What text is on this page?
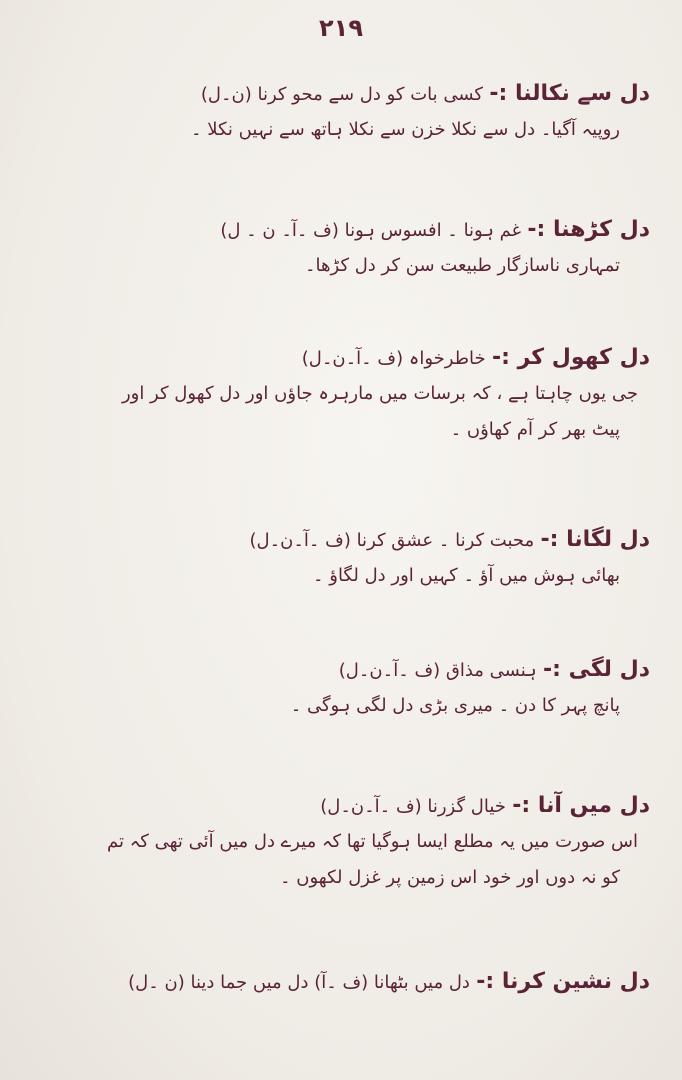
۲۱۹
دل سے نکالنا :- کسی بات کو دل سے محو کرنا (ن۔ل)
روپیہ آگیا۔ دل سے نکلا خزن سے نکلا ہاتھ سے نہیں نکلا ۔
دل کڑھنا :- غم ہونا ۔ افسوس ہونا (ف ۔آ۔ ن ۔ ل)
تمہاری ناسازگار طبیعت سن کر دل کڑھا۔
دل کھول کر :- خاطرخواہ (ف ۔آ۔ن۔ل)
جی یوں چاہتا ہے ، کہ برسات میں مارہرہ جاؤں اور دل کھول کر اور
پیٹ بھر کر آم کھاؤں ۔
دل لگانا :- محبت کرنا ۔ عشق کرنا (ف ۔آ۔ن۔ل)
بھائی ہوش میں آؤ ۔ کہیں اور دل لگاؤ ۔
دل لگی :- ہنسی مذاق (ف ۔آ۔ن۔ل)
پانچ پہر کا دن ۔ میری بڑی دل لگی ہوگی ۔
دل میں آنا :- خیال گزرنا (ف ۔آ۔ن۔ل)
اس صورت میں یہ مطلع ایسا ہوگیا تھا کہ میرے دل میں آئی تھی کہ تم
کو نہ دوں اور خود اس زمین پر غزل لکھوں ۔
دل نشین کرنا :- دل میں بٹھانا (ف ۔آ) دل میں جما دینا (ن ۔ل)
